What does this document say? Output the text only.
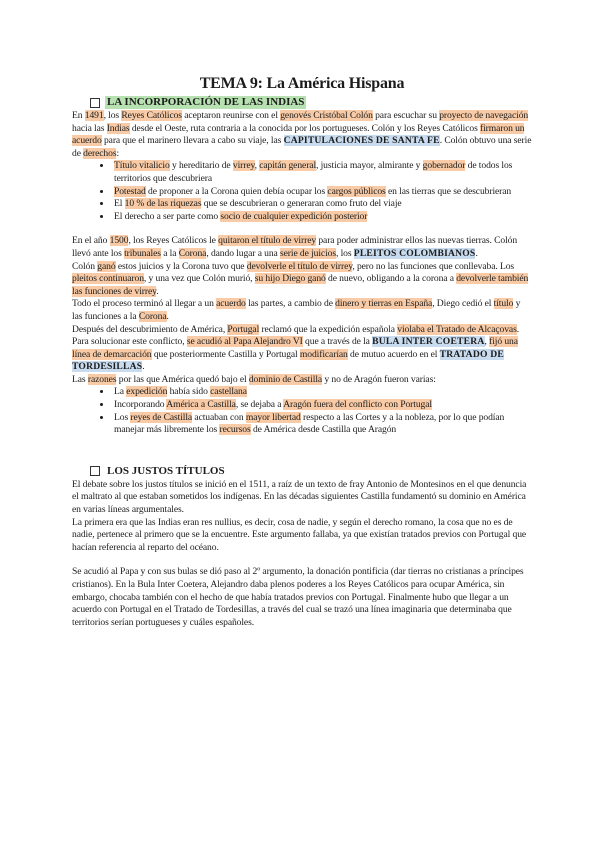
TEMA 9: La América Hispana
LA INCORPORACIÓN DE LAS INDIAS

En 1491, los Reyes Católicos aceptaron reunirse con el genovés Cristóbal Colón para escuchar su proyecto de navegación hacia las Indias desde el Oeste, ruta contraria a la conocida por los portugueses. Colón y los Reyes Católicos firmaron un acuerdo para que el marinero llevara a cabo su viaje, las CAPITULACIONES DE SANTA FE. Colón obtuvo una serie de derechos:

• Título vitalicio y hereditario de virrey, capitán general, justicia mayor, almirante y gobernador de todos los territorios que descubriera
• Potestad de proponer a la Corona quien debía ocupar los cargos públicos en las tierras que se descubrieran
• El 10 % de las riquezas que se descubrieran o generaran como fruto del viaje
• El derecho a ser parte como socio de cualquier expedición posterior

En el año 1500, los Reyes Católicos le quitaron el título de virrey para poder administrar ellos las nuevas tierras. Colón llevó ante los tribunales a la Corona, dando lugar a una serie de juicios, los PLEITOS COLOMBIANOS.

Colón ganó estos juicios y la Corona tuvo que devolverle el título de virrey, pero no las funciones que conllevaba. Los pleitos continuaron, y una vez que Colón murió, su hijo Diego ganó de nuevo, obligando a la corona a devolverle también las funciones de virrey.

Todo el proceso terminó al llegar a un acuerdo las partes, a cambio de dinero y tierras en España, Diego cedió el título y las funciones a la Corona.

Después del descubrimiento de América, Portugal reclamó que la expedición española violaba el Tratado de Alcaçovas. Para solucionar este conflicto, se acudió al Papa Alejandro VI que a través de la BULA INTER COETERA, fijó una línea de demarcación que posteriormente Castilla y Portugal modificarían de mutuo acuerdo en el TRATADO DE TORDESILLAS.

Las razones por las que América quedó bajo el dominio de Castilla y no de Aragón fueron varias:

• La expedición había sido castellana
• Incorporando América a Castilla, se dejaba a Aragón fuera del conflicto con Portugal
• Los reyes de Castilla actuaban con mayor libertad respecto a las Cortes y a la nobleza, por lo que podían manejar más libremente los recursos de América desde Castilla que Aragón
LOS JUSTOS TÍTULOS

El debate sobre los justos títulos se inició en el 1511, a raíz de un texto de fray Antonio de Montesinos en el que denuncia el maltrato al que estaban sometidos los indígenas. En las décadas siguientes Castilla fundamentó su dominio en América en varias líneas argumentales.

La primera era que las Indias eran res nullius, es decir, cosa de nadie, y según el derecho romano, la cosa que no es de nadie, pertenece al primero que se la encuentre. Este argumento fallaba, ya que existían tratados previos con Portugal que hacían referencia al reparto del océano.

Se acudió al Papa y con sus bulas se dió paso al 2º argumento, la donación pontificia (dar tierras no cristianas a príncipes cristianos). En la Bula Inter Coetera, Alejandro daba plenos poderes a los Reyes Católicos para ocupar América, sin embargo, chocaba también con el hecho de que había tratados previos con Portugal. Finalmente hubo que llegar a un acuerdo con Portugal en el Tratado de Tordesillas, a través del cual se trazó una línea imaginaria que determinaba que territorios serían portugueses y cuáles españoles.
